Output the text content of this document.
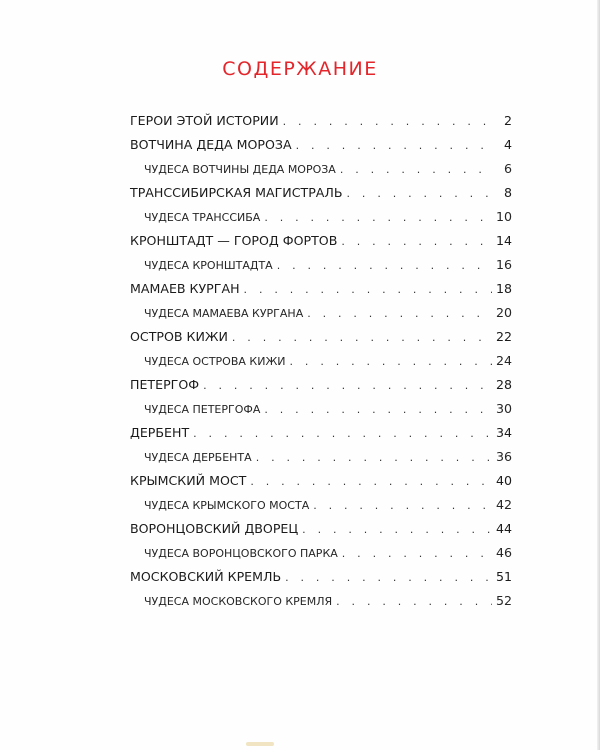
СОДЕРЖАНИЕ
ГЕРОИ ЭТОЙ ИСТОРИИ . . .	2
ВОТЧИНА ДЕДА МОРОЗА . . .	4
ЧУДЕСА ВОТЧИНЫ ДЕДА МОРОЗА . . .	6
ТРАНССИБИРСКАЯ МАГИСТРАЛЬ . . .	8
ЧУДЕСА ТРАНССИБА . . .	10
КРОНШТАДТ — ГОРОД ФОРТОВ . . .	14
ЧУДЕСА КРОНШТАДТА . . .	16
МАМАЕВ КУРГАН . . .	18
ЧУДЕСА МАМАЕВА КУРГАНА . . .	20
ОСТРОВ КИЖИ . . .	22
ЧУДЕСА ОСТРОВА КИЖИ . . .	24
ПЕТЕРГОФ . . .	28
ЧУДЕСА ПЕТЕРГОФА . . .	30
ДЕРБЕНТ . . .	34
ЧУДЕСА ДЕРБЕНТА . . .	36
КРЫМСКИЙ МОСТ . . .	40
ЧУДЕСА КРЫМСКОГО МОСТА . . .	42
ВОРОНЦОВСКИЙ ДВОРЕЦ . . .	44
ЧУДЕСА ВОРОНЦОВСКОГО ПАРКА . . .	46
МОСКОВСКИЙ КРЕМЛЬ . . .	51
ЧУДЕСА МОСКОВСКОГО КРЕМЛЯ . . .	52
